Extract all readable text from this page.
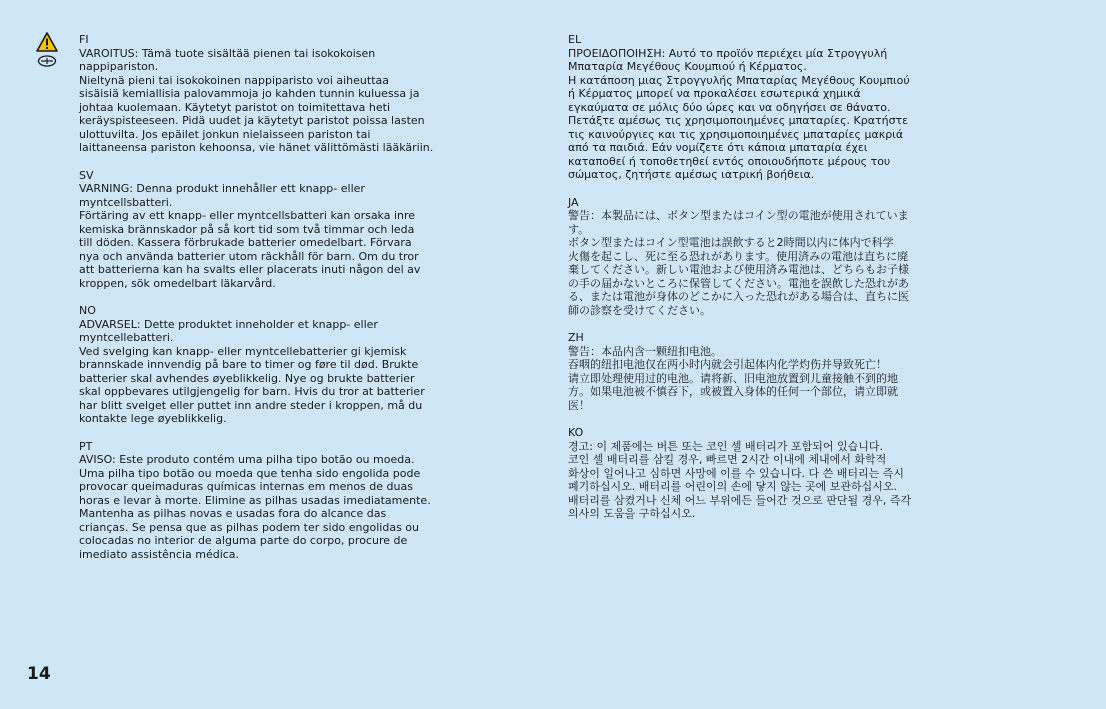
FI

VAROITUS: Tämä tuote sisältää pienen tai isokokoisen
nappipariston.
Nieltynä pieni tai isokokoinen nappiparisto voi aiheuttaa
sisäisiä kemiallisia palovammoja jo kahden tunnin kuluessa ja
johtaa kuolemaan. Käytetyt paristot on toimitettava heti
keräyspisteeseen. Pidä uudet ja käytetyt paristot poissa lasten
ulottuvilta. Jos epäilet jonkun nielaisseen pariston tai
laittaneensa pariston kehoonsa, vie hänet välittömästi lääkäriin.

SV

VARNING: Denna produkt innehåller ett knapp- eller
myntcellsbatteri.
Förtäring av ett knapp- eller myntcellsbatteri kan orsaka inre
kemiska brännskador på så kort tid som två timmar och leda
till döden. Kassera förbrukade batterier omedelbart. Förvara
nya och använda batterier utom räckhåll för barn. Om du tror
att batterierna kan ha svalts eller placerats inuti någon del av
kroppen, sök omedelbart läkarvård.

NO

ADVARSEL: Dette produktet inneholder et knapp- eller
myntcellebatteri.
Ved svelging kan knapp- eller myntcellebatterier gi kjemisk
brannskade innvendig på bare to timer og føre til død. Brukte
batterier skal avhendes øyeblikkelig. Nye og brukte batterier
skal oppbevares utilgjengelig for barn. Hvis du tror at batterier
har blitt svelget eller puttet inn andre steder i kroppen, må du
kontakte lege øyeblikkelig.

PT

AVISO: Este produto contém uma pilha tipo botão ou moeda.
Uma pilha tipo botão ou moeda que tenha sido engolida pode
provocar queimaduras químicas internas em menos de duas
horas e levar à morte. Elimine as pilhas usadas imediatamente.
Mantenha as pilhas novas e usadas fora do alcance das
crianças. Se pensa que as pilhas podem ter sido engolidas ou
colocadas no interior de alguma parte do corpo, procure de
imediato assistência médica.

EL

ΠΡΟΕΙΔΟΠΟΙΗΣΗ: Αυτό το προϊόν περιέχει μία Στρογγυλή
Μπαταρία Μεγέθους Κουμπιού ή Κέρματος.
Η κατάποση μιας Στρογγυλής Μπαταρίας Μεγέθους Κουμπιού
ή Κέρματος μπορεί να προκαλέσει εσωτερικά χημικά
εγκαύματα σε μόλις δύο ώρες και να οδηγήσει σε θάνατο.
Πετάξτε αμέσως τις χρησιμοποιημένες μπαταρίες. Κρατήστε
τις καινούργιες και τις χρησιμοποιημένες μπαταρίες μακριά
από τα παιδιά. Εάν νομίζετε ότι κάποια μπαταρία έχει
καταποθεί ή τοποθετηθεί εντός οποιουδήποτε μέρους του
σώματος, ζητήστε αμέσως ιατρική βοήθεια.

JA

警告：本製品には、ボタン型またはコイン型の電池が使用されていま
す。
ボタン型またはコイン型電池は誤飲すると2時間以内に体内で科学
火傷を起こし、死に至る恐れがあります。使用済みの電池は直ちに廃
棄してください。新しい電池および使用済み電池は、どちらもお子様
の手の届かないところに保管してください。電池を誤飲した恐れがあ
る、または電池が身体のどこかに入った恐れがある場合は、直ちに医
師の診察を受けてください。

ZH

警告：本品内含一颗纽扣电池。
吞咽的纽扣电池仅在两小时内就会引起体内化学灼伤并导致死亡！
请立即处理使用过的电池。请将新、旧电池放置到儿童接触不到的地
方。如果电池被不慎吞下，或被置入身体的任何一个部位，请立即就
医！

KO

경고: 이 제품에는 버튼 또는 코인 셀 배터리가 포함되어 있습니다.
코인 셀 배터리를 삼킬 경우, 빠르면 2시간 이내에 체내에서 화학적
화상이 일어나고 심하면 사망에 이를 수 있습니다. 다 쓴 배터리는 즉시
폐기하십시오. 배터리를 어린이의 손에 닿지 않는 곳에 보관하십시오.
배터리를 삼켰거나 신체 어느 부위에든 들어간 것으로 판단될 경우, 즉각
의사의 도움을 구하십시오.

14
